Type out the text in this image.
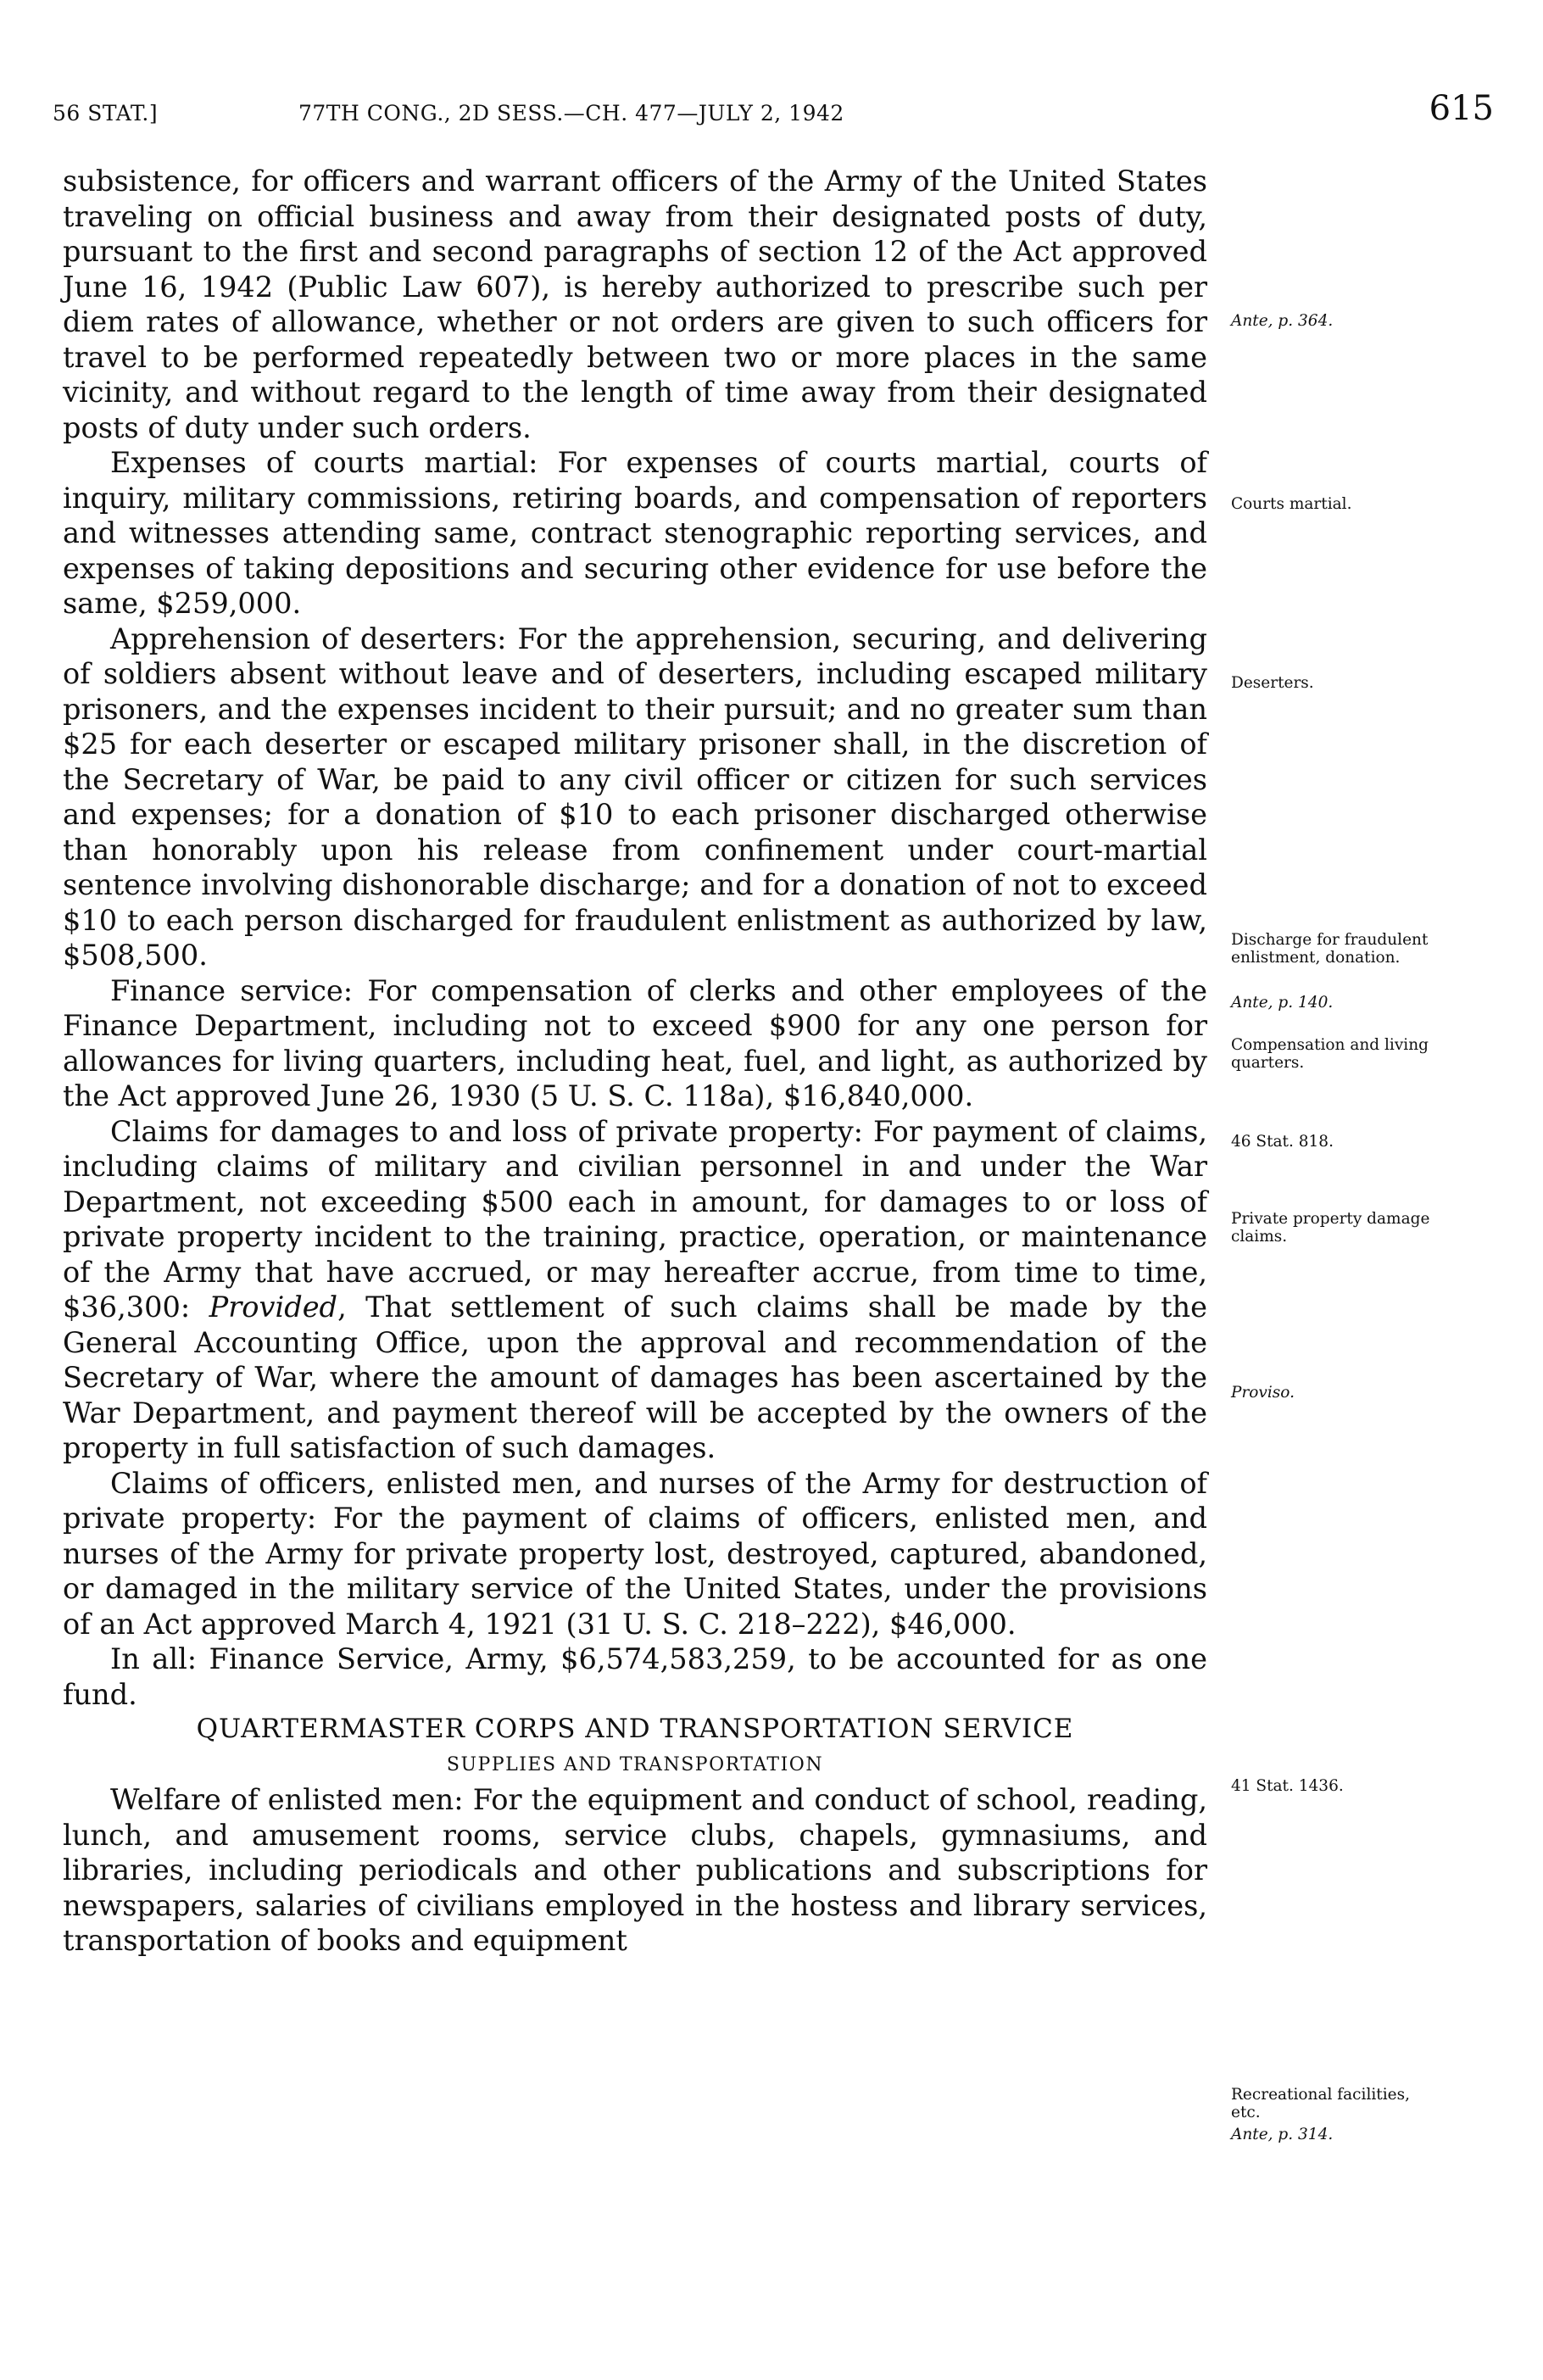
56 STAT.]	77TH CONG., 2D SESS.—CH. 477—JULY 2, 1942	615

subsistence, for officers and warrant officers of the Army of the United States traveling on official business and away from their designated posts of duty, pursuant to the first and second paragraphs of section 12 of the Act approved June 16, 1942 (Public Law 607), is hereby authorized to prescribe such per diem rates of allowance, whether or not orders are given to such officers for travel to be performed repeatedly between two or more places in the same vicinity, and without regard to the length of time away from their designated posts of duty under such orders.

Expenses of courts martial: For expenses of courts martial, courts of inquiry, military commissions, retiring boards, and compensation of reporters and witnesses attending same, contract stenographic reporting services, and expenses of taking depositions and securing other evidence for use before the same, $259,000.

Apprehension of deserters: For the apprehension, securing, and delivering of soldiers absent without leave and of deserters, including escaped military prisoners, and the expenses incident to their pursuit; and no greater sum than $25 for each deserter or escaped military prisoner shall, in the discretion of the Secretary of War, be paid to any civil officer or citizen for such services and expenses; for a donation of $10 to each prisoner discharged otherwise than honorably upon his release from confinement under court-martial sentence involving dishonorable discharge; and for a donation of not to exceed $10 to each person discharged for fraudulent enlistment as authorized by law, $508,500.

Finance service: For compensation of clerks and other employees of the Finance Department, including not to exceed $900 for any one person for allowances for living quarters, including heat, fuel, and light, as authorized by the Act approved June 26, 1930 (5 U. S. C. 118a), $16,840,000.

Claims for damages to and loss of private property: For payment of claims, including claims of military and civilian personnel in and under the War Department, not exceeding $500 each in amount, for damages to or loss of private property incident to the training, practice, operation, or maintenance of the Army that have accrued, or may hereafter accrue, from time to time, $36,300: Provided, That settlement of such claims shall be made by the General Accounting Office, upon the approval and recommendation of the Secretary of War, where the amount of damages has been ascertained by the War Department, and payment thereof will be accepted by the owners of the property in full satisfaction of such damages.

Claims of officers, enlisted men, and nurses of the Army for destruction of private property: For the payment of claims of officers, enlisted men, and nurses of the Army for private property lost, destroyed, captured, abandoned, or damaged in the military service of the United States, under the provisions of an Act approved March 4, 1921 (31 U. S. C. 218–222), $46,000.

In all: Finance Service, Army, $6,574,583,259, to be accounted for as one fund.

QUARTERMASTER CORPS AND TRANSPORTATION SERVICE

SUPPLIES AND TRANSPORTATION

Welfare of enlisted men: For the equipment and conduct of school, reading, lunch, and amusement rooms, service clubs, chapels, gymnasiums, and libraries, including periodicals and other publications and subscriptions for newspapers, salaries of civilians employed in the hostess and library services, transportation of books and equipment

Ante, p. 364.
Courts martial.
Deserters.
Discharge for fraudulent enlistment, donation.
Ante, p. 140.
Compensation and living quarters.
46 Stat. 818.
Private property damage claims.
Proviso.
41 Stat. 1436.
Recreational facilities, etc.
Ante, p. 314.
